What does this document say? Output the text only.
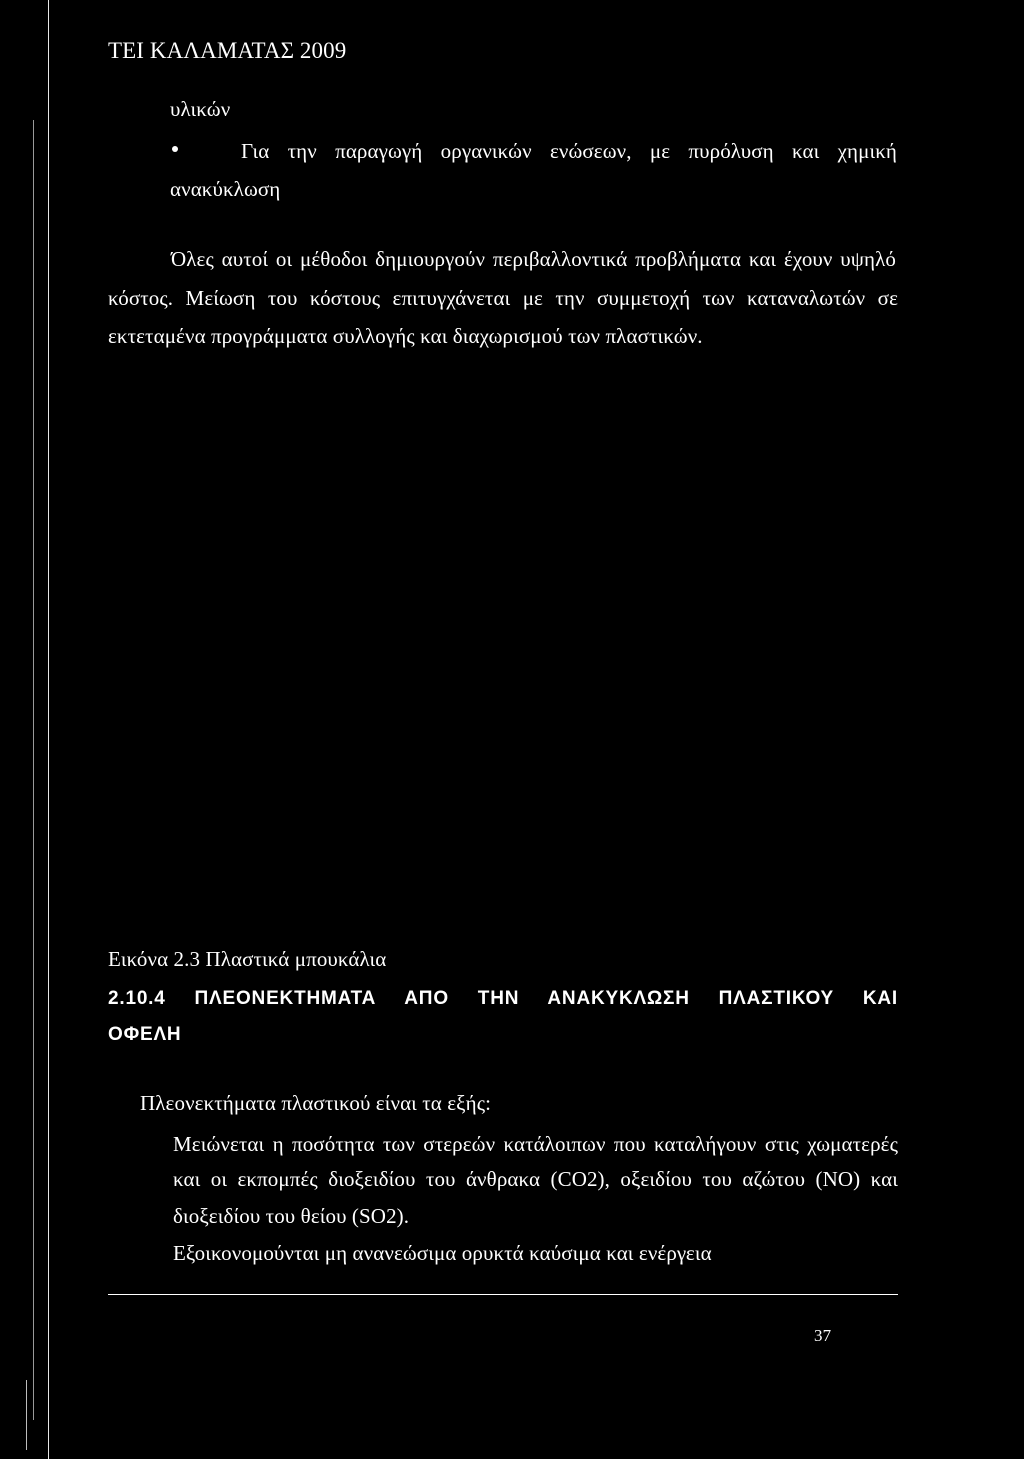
ΤΕΙ ΚΑΛΑΜΑΤΑΣ 2009
υλικών
Για την παραγωγή οργανικών ενώσεων, με πυρόλυση και χημική
ανακύκλωση
Όλες αυτοί οι μέθοδοι δημιουργούν περιβαλλοντικά προβλήματα και έχουν υψηλό
κόστος. Μείωση του κόστους επιτυγχάνεται με την συμμετοχή των καταναλωτών σε
εκτεταμένα προγράμματα συλλογής και διαχωρισμού των πλαστικών.
Εικόνα 2.3 Πλαστικά μπουκάλια
2.10.4 ΠΛΕΟΝΕΚΤΗΜΑΤΑ ΑΠΟ ΤΗΝ ΑΝΑΚΥΚΛΩΣΗ ΠΛΑΣΤΙΚΟΥ ΚΑΙ
ΟΦΕΛΗ
Πλεονεκτήματα πλαστικού είναι τα εξής:
Μειώνεται η ποσότητα των στερεών κατάλοιπων που καταλήγουν στις χωματερές
και οι εκπομπές διοξειδίου του άνθρακα (CO2), οξειδίου του αζώτου (NO) και
διοξειδίου του θείου (SO2).
Εξοικονομούνται μη ανανεώσιμα ορυκτά καύσιμα και ενέργεια
37
